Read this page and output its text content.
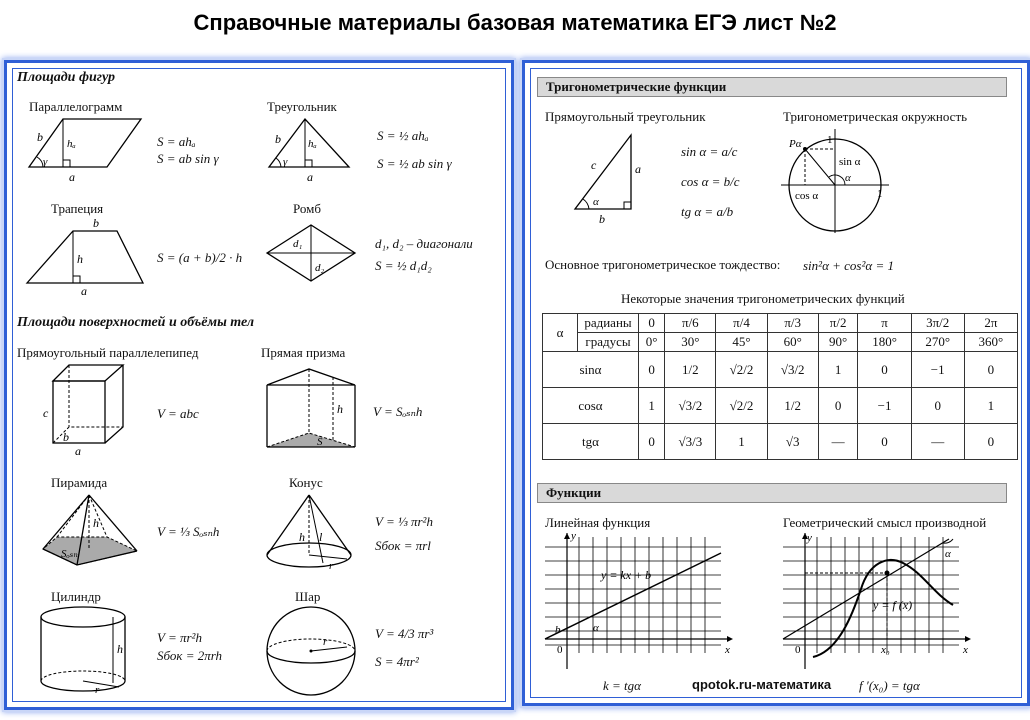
Справочные материалы базовая математика ЕГЭ лист №2
Площади фигур
Параллелограмм
b hₐ
γ
a
S = ahₐ
S = ab sin γ
Треугольник
b hₐ
γ
a
S = ½ ahₐ
S = ½ ab sin γ
Трапеция
b
h
a
S = (a + b)/2 · h
Ромб
d₁
d₂
d₁, d₂ – диагонали
S = ½ d₁d₂
Площади поверхностей и объёмы тел
Прямоугольный параллелепипед
c
b
a
V = abc
Прямая призма
h
S
V = Sₒₛₙh
Пирамида
h
Sₒₛₙ
V = ⅓ Sₒₛₙh
Конус
h l
r
V = ⅓ πr²h
Sбок = πrl
Цилиндр
h
r
V = πr²h
Sбок = 2πrh
Шар
r
V = 4/3 πr³
S = 4πr²
Тригонометрические функции
Прямоугольный треугольник
c	a
b
α
sin α = a/c
cos α = b/c
tg α = a/b
Тригонометрическая окружность
Pα
sin α
cos α
α
1
1
Основное тригонометрическое тождество: sin²α + cos²α = 1
Некоторые значения тригонометрических функций
α	радианы	0	π/6	π/4	π/3	π/2	π	3π/2	2π
	градусы	0°	30°	45°	60°	90°	180°	270°	360°
sinα		0	1/2	√2/2	√3/2	1	0	−1	0
cosα		1	√3/2	√2/2	1/2	0	−1	0	1
tgα		0	√3/3	1	√3	—	0	—	0
Функции
Линейная функция
y
x
0
b	α
y = kx + b
k = tgα
Геометрический смысл производной
y
x
0	x₀
α
y = f (x)
f ′(x₀) = tgα
qpotok.ru-математика
